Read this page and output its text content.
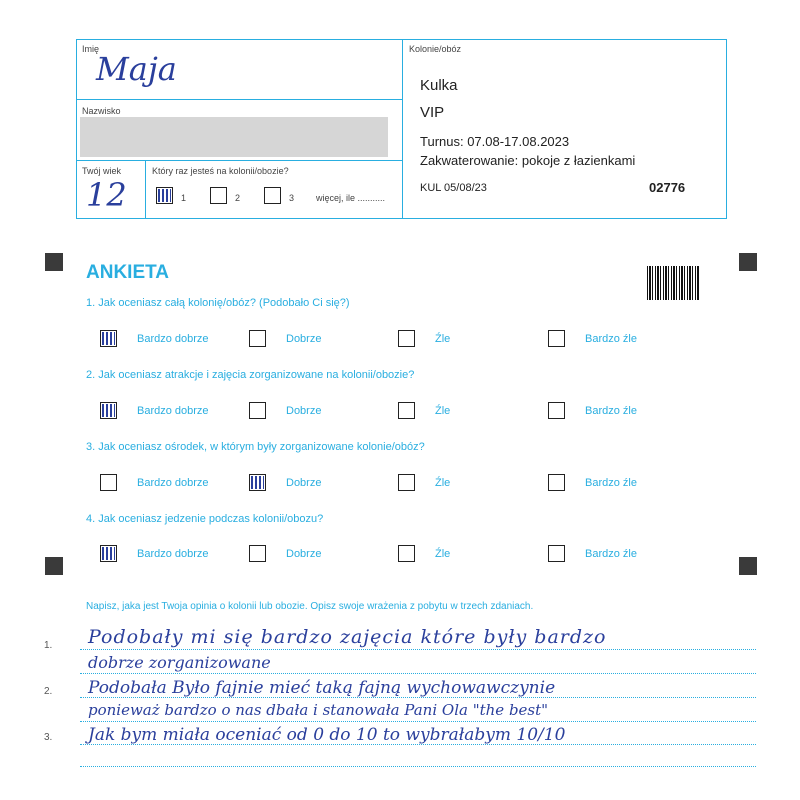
Imię
Maja
Nazwisko
Twój wiek
12
Który raz jesteś na kolonii/obozie?
1	2	3 więcej, ile ...........
Kolonie/obóz
Kulka
VIP
Turnus: 07.08-17.08.2023
Zakwaterowanie: pokoje z łazienkami
KUL 05/08/23	02776
ANKIETA
1. Jak oceniasz całą kolonię/obóz? (Podobało Ci się?)
2. Jak oceniasz atrakcje i zajęcia zorganizowane na kolonii/obozie?
3. Jak oceniasz ośrodek, w którym były zorganizowane kolonie/obóz?
4. Jak oceniasz jedzenie podczas kolonii/obozu?
Bardzo dobrze	Dobrze	Źle	Bardzo źle
Bardzo dobrze	Dobrze	Źle	Bardzo źle
Bardzo dobrze	Dobrze	Źle	Bardzo źle
Bardzo dobrze	Dobrze	Źle	Bardzo źle
Napisz, jaka jest Twoja opinia o kolonii lub obozie. Opisz swoje wrażenia z pobytu w trzech zdaniach.
1.
2.
3.
Podobały mi się bardzo zajęcia które były bardzo
dobrze zorganizowane
Podobała Było fajnie mieć taką fajną wychowawczynie
ponieważ bardzo o nas dbała i stanowała Pani Ola "the best"
Jak bym miała oceniać od 0 do 10 to wybrałabym 10/10
